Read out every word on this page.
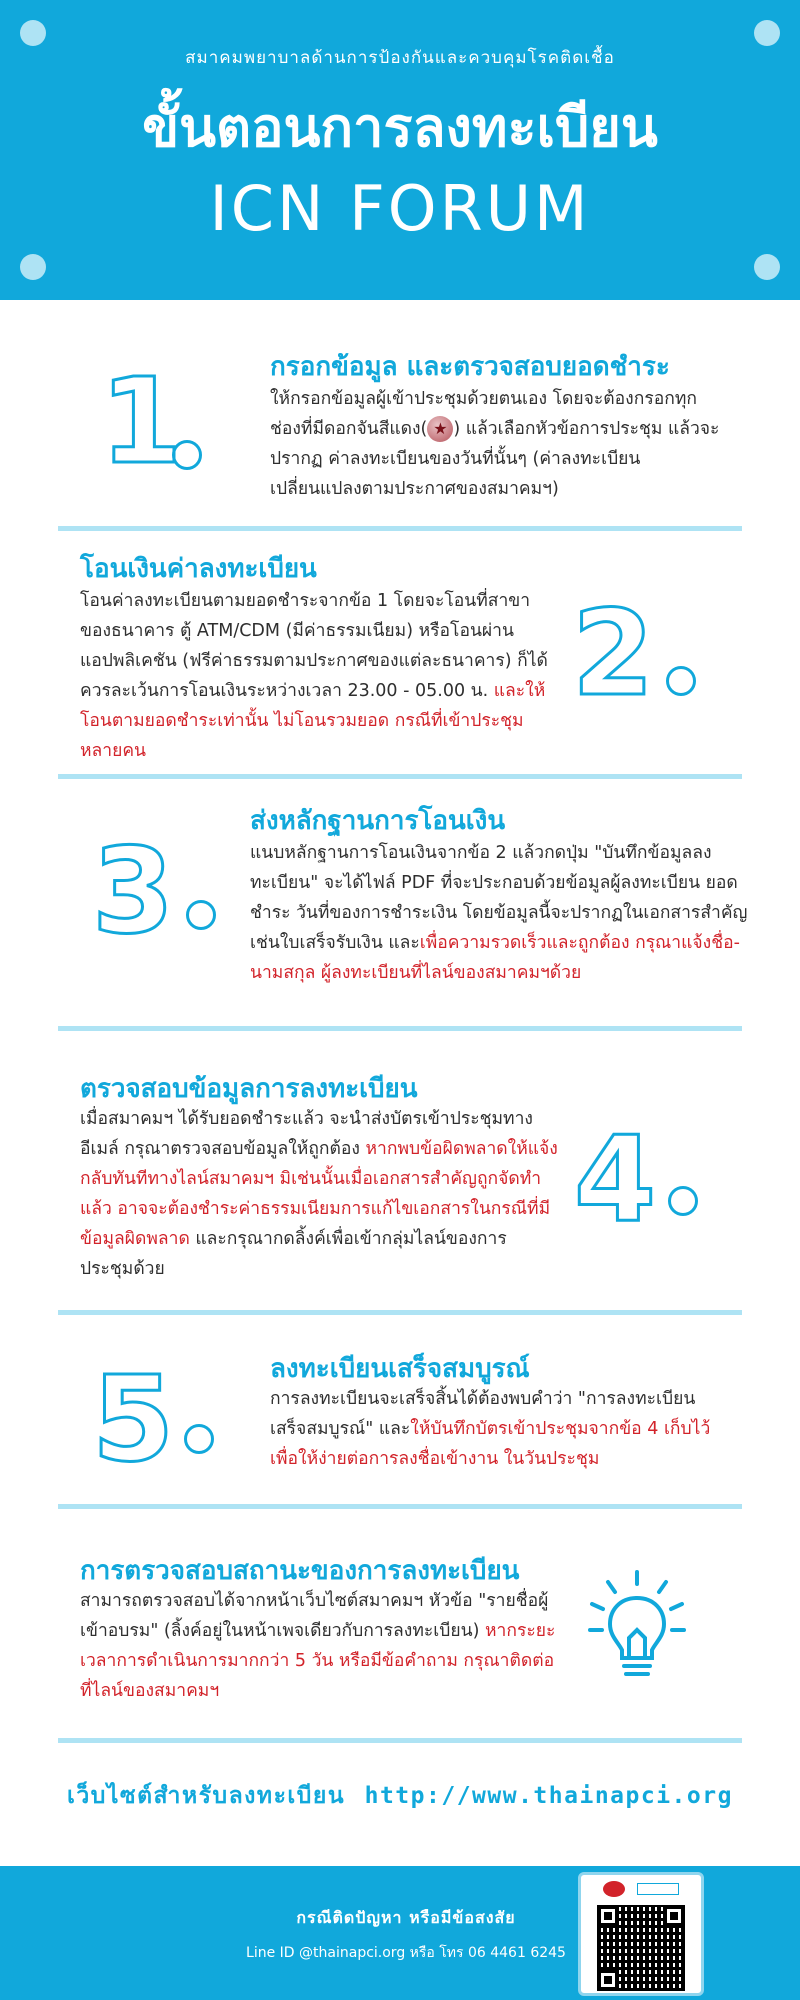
สมาคมพยาบาลด้านการป้องกันและควบคุมโรคติดเชื้อ
ขั้นตอนการลงทะเบียน
ICN FORUM
1	กรอกข้อมูล และตรวจสอบยอดชำระ
ให้กรอกข้อมูลผู้เข้าประชุมด้วยตนเอง โดยจะต้องกรอกทุกช่องที่มีดอกจันสีแดง( ★ ) แล้วเลือกหัวข้อการประชุม แล้วจะปรากฏ ค่าลงทะเบียนของวันที่นั้นๆ (ค่าลงทะเบียนเปลี่ยนแปลงตามประกาศของสมาคมฯ)
โอนเงินค่าลงทะเบียน
โอนค่าลงทะเบียนตามยอดชำระจากข้อ 1 โดยจะโอนที่สาขาของธนาคาร ตู้ ATM/CDM (มีค่าธรรมเนียม) หรือโอนผ่านแอปพลิเคชัน (ฟรีค่าธรรมตามประกาศของแต่ละธนาคาร) ก็ได้ ควรละเว้นการโอนเงินระหว่างเวลา 23.00 - 05.00 น. และให้โอนตามยอดชำระเท่านั้น ไม่โอนรวมยอด กรณีที่เข้าประชุมหลายคน
2
3
ส่งหลักฐานการโอนเงิน
แนบหลักฐานการโอนเงินจากข้อ 2 แล้วกดปุ่ม "บันทึกข้อมูลลงทะเบียน" จะได้ไฟล์ PDF ที่จะประกอบด้วยข้อมูลผู้ลงทะเบียน ยอดชำระ วันที่ของการชำระเงิน โดยข้อมูลนี้จะปรากฏในเอกสารสำคัญเช่นใบเสร็จรับเงิน และเพื่อความรวดเร็วและถูกต้อง กรุณาแจ้งชื่อ-นามสกุล ผู้ลงทะเบียนที่ไลน์ของสมาคมฯด้วย
ตรวจสอบข้อมูลการลงทะเบียน
เมื่อสมาคมฯ ได้รับยอดชำระแล้ว จะนำส่งบัตรเข้าประชุมทางอีเมล์ กรุณาตรวจสอบข้อมูลให้ถูกต้อง หากพบข้อผิดพลาดให้แจ้งกลับทันทีทางไลน์สมาคมฯ มิเช่นนั้นเมื่อเอกสารสำคัญถูกจัดทำแล้ว อาจจะต้องชำระค่าธรรมเนียมการแก้ไขเอกสารในกรณีที่มีข้อมูลผิดพลาด และกรุณากดลิ้งค์เพื่อเข้ากลุ่มไลน์ของการประชุมด้วย
4
5	ลงทะเบียนเสร็จสมบูรณ์
การลงทะเบียนจะเสร็จสิ้นได้ต้องพบคำว่า "การลงทะเบียนเสร็จสมบูรณ์" และให้บันทึกบัตรเข้าประชุมจากข้อ 4 เก็บไว้เพื่อให้ง่ายต่อการลงชื่อเข้างาน ในวันประชุม
การตรวจสอบสถานะของการลงทะเบียน
สามารถตรวจสอบได้จากหน้าเว็บไซต์สมาคมฯ หัวข้อ "รายชื่อผู้เข้าอบรม" (ลิ้งค์อยู่ในหน้าเพจเดียวกับการลงทะเบียน) หากระยะเวลาการดำเนินการมากกว่า 5 วัน หรือมีข้อคำถาม กรุณาติดต่อที่ไลน์ของสมาคมฯ
เว็บไซต์สำหรับลงทะเบียน http://www.thainapci.org
กรณีติดปัญหา หรือมีข้อสงสัย
Line ID @thainapci.org หรือ โทร 06 4461 6245
